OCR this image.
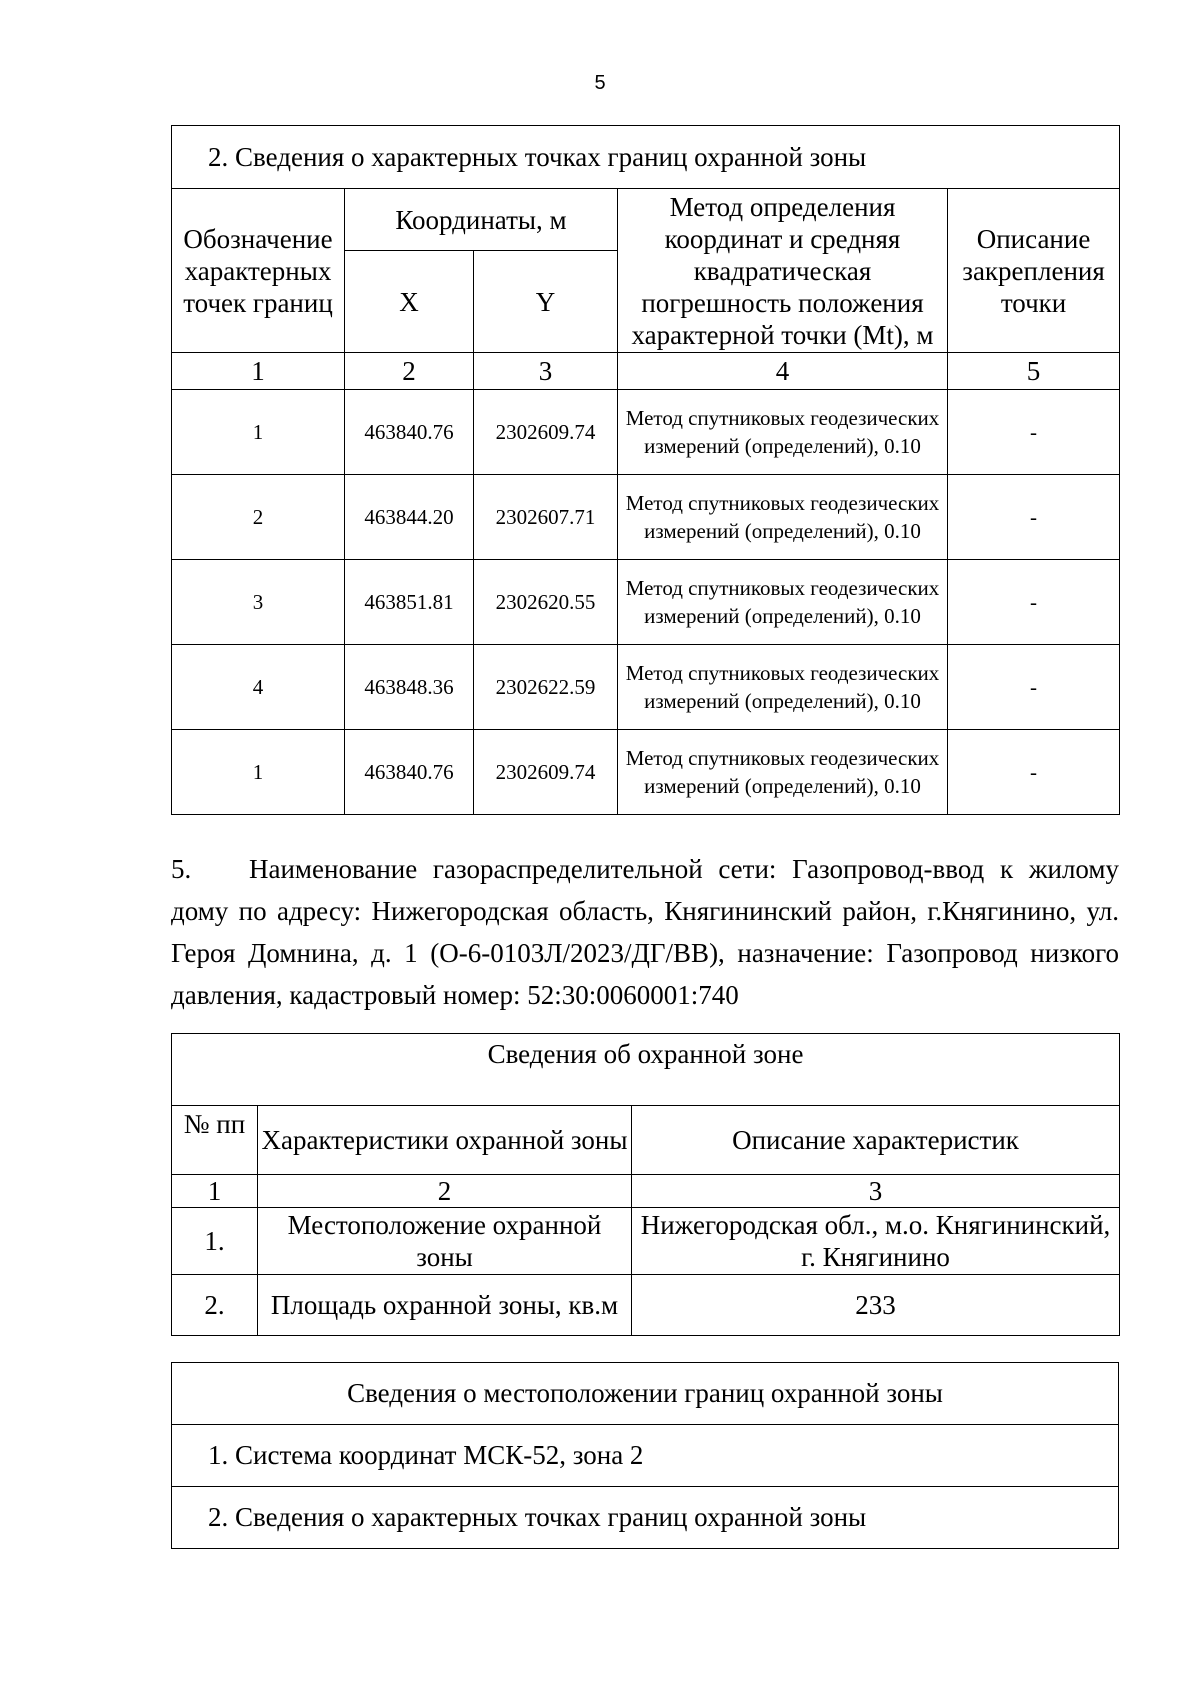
5
2. Сведения о характерных точках границ охранной зоны				
Обозначение характерных точек границ	Координаты, м		Метод определения координат и средняя квадратическая погрешность положения характерной точки (Mt), м	Описание закрепления точки
	X	Y		
1	2	3	4	5
1	463840.76	2302609.74	Метод спутниковых геодезических измерений (определений), 0.10	-
2	463844.20	2302607.71	Метод спутниковых геодезических измерений (определений), 0.10	-
3	463851.81	2302620.55	Метод спутниковых геодезических измерений (определений), 0.10	-
4	463848.36	2302622.59	Метод спутниковых геодезических измерений (определений), 0.10	-
1	463840.76	2302609.74	Метод спутниковых геодезических измерений (определений), 0.10	-

5. Наименование газораспределительной сети: Газопровод-ввод к жилому дому по адресу: Нижегородская область, Княгининский район, г.Княгинино, ул. Героя Домнина, д. 1 (О-6-0103Л/2023/ДГ/ВВ), назначение: Газопровод низкого давления, кадастровый номер: 52:30:0060001:740

Сведения об охранной зоне		
№ пп	Характеристики охранной зоны	Описание характеристик
1	2	3
1.	Местоположение охранной зоны	Нижегородская обл., м.о. Княгининский, г. Княгинино
2.	Площадь охранной зоны, кв.м	233
Сведения о местоположении границ охранной зоны
1. Система координат МСК-52, зона 2
2. Сведения о характерных точках границ охранной зоны
